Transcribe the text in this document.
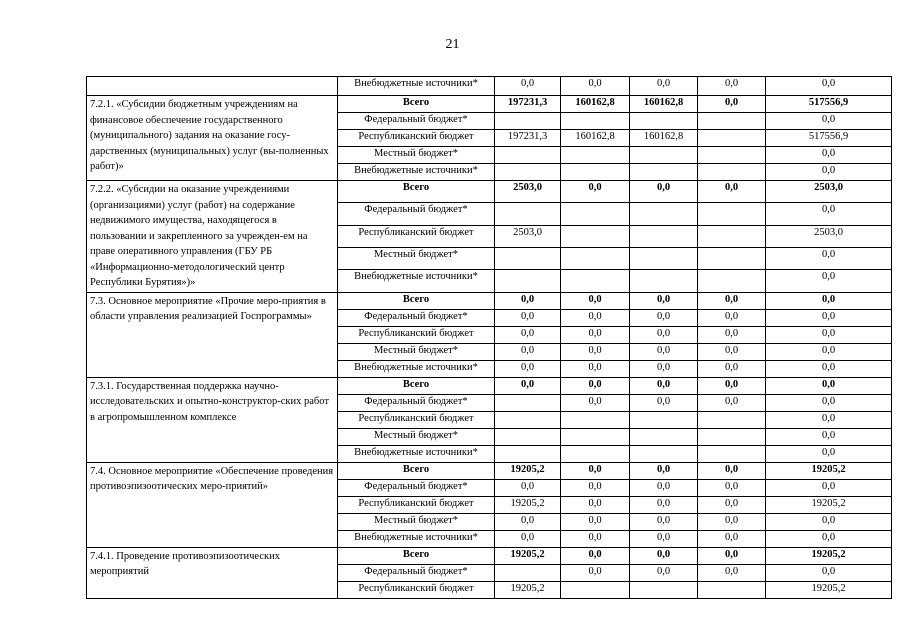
21
	Внебюджетные источники*	0,0	0,0	0,0	0,0	0,0
7.2.1. «Субсидии бюджетным учреждениям на финансовое обеспечение государственного (муниципального) задания на оказание госу-дарственных (муниципальных) услуг (вы-полненных работ)»	Всего	197231,3	160162,8	160162,8	0,0	517556,9
	Федеральный бюджет*					0,0
	Республиканский бюджет	197231,3	160162,8	160162,8		517556,9
	Местный бюджет*					0,0
	Внебюджетные источники*					0,0
7.2.2. «Субсидии на оказание учреждениями (организациями) услуг (работ) на содержание недвижимого имущества, находящегося в пользовании и закрепленного за учрежден-ем на праве оперативного управления (ГБУ РБ «Информационно-методологический центр Республики Бурятия»)»	Всего	2503,0	0,0	0,0	0,0	2503,0
	Федеральный бюджет*					0,0
	Республиканский бюджет	2503,0				2503,0
	Местный бюджет*					0,0
	Внебюджетные источники*					0,0
7.3. Основное мероприятие «Прочие меро-приятия в области управления реализацией Госпрограммы»	Всего	0,0	0,0	0,0	0,0	0,0
	Федеральный бюджет*	0,0	0,0	0,0	0,0	0,0
	Республиканский бюджет	0,0	0,0	0,0	0,0	0,0
	Местный бюджет*	0,0	0,0	0,0	0,0	0,0
	Внебюджетные источники*	0,0	0,0	0,0	0,0	0,0
7.3.1. Государственная поддержка научно-исследовательских и опытно-конструктор-ских работ в агропромышленном комплексе	Всего	0,0	0,0	0,0	0,0	0,0
	Федеральный бюджет*		0,0	0,0	0,0	0,0
	Республиканский бюджет					0,0
	Местный бюджет*					0,0
	Внебюджетные источники*					0,0
7.4. Основное мероприятие «Обеспечение проведения противоэпизоотических меро-приятий»	Всего	19205,2	0,0	0,0	0,0	19205,2
	Федеральный бюджет*	0,0	0,0	0,0	0,0	0,0
	Республиканский бюджет	19205,2	0,0	0,0	0,0	19205,2
	Местный бюджет*	0,0	0,0	0,0	0,0	0,0
	Внебюджетные источники*	0,0	0,0	0,0	0,0	0,0
7.4.1. Проведение противоэпизоотических мероприятий	Всего	19205,2	0,0	0,0	0,0	19205,2
	Федеральный бюджет*		0,0	0,0	0,0	0,0
	Республиканский бюджет	19205,2				19205,2
